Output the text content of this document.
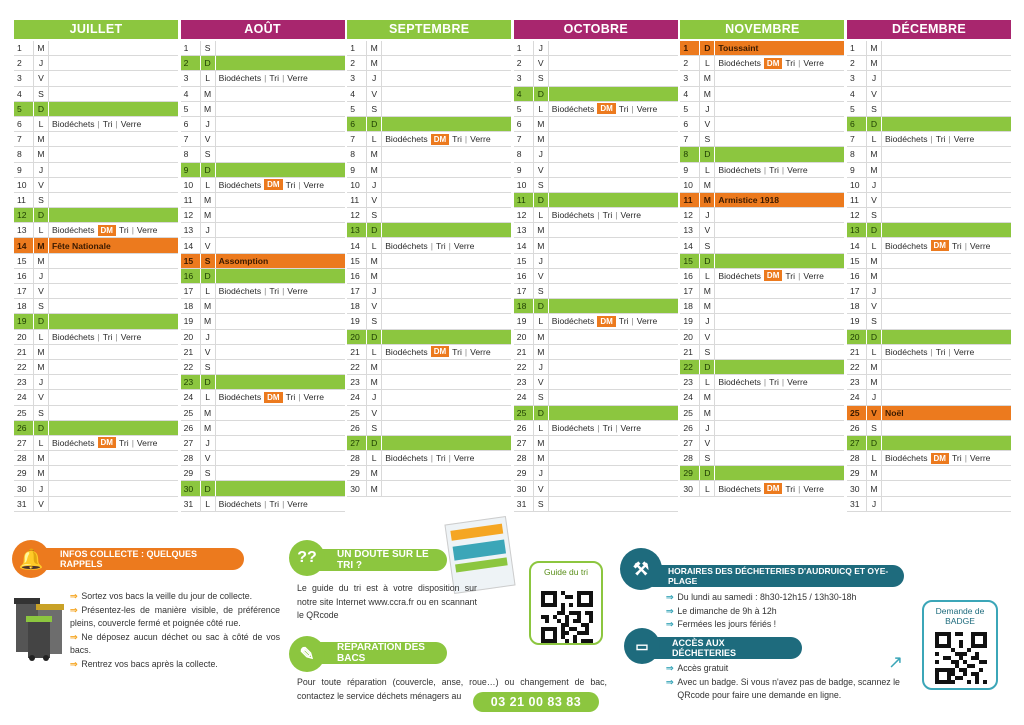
JUILLET
1	M
2	J
3	V
4	S
5	D
6	L	Biodéchets | Tri | Verre
7	M
8	M
9	J
10	V
11	S
12	D
13	L	Biodéchets DM Tri | Verre
14	M Fête Nationale
15	M
16	J
17	V
18	S
19	D
20	L	Biodéchets | Tri | Verre
21	M
22	M
23	J
24	V
25	S
26	D
27	L	Biodéchets DM Tri | Verre
28	M
29	M
30	J
31	V
AOÛT
1	S
2	D
3	L	Biodéchets | Tri | Verre
4	M
5	M
6	J
7	V
8	S
9	D
10	L	Biodéchets DM Tri | Verre
11	M
12	M
13	J
14	V
15	S Assomption
16	D
17	L	Biodéchets | Tri | Verre
18	M
19	M
20	J
21	V
22	S
23	D
24	L	Biodéchets DM Tri | Verre
25	M
26	M
27	J
28	V
29	S
30	D
31	L	Biodéchets | Tri | Verre
SEPTEMBRE
1	M
2	M
3	J
4	V
5	S
6	D
7	L	Biodéchets DM Tri | Verre
8	M
9	M
10	J
11	V
12	S
13	D
14	L	Biodéchets | Tri | Verre
15	M
16	M
17	J
18	V
19	S
20	D
21	L	Biodéchets DM Tri | Verre
22	M
23	M
24	J
25	V
26	S
27	D
28	L	Biodéchets | Tri | Verre
29	M
30	M
OCTOBRE
1	J
2	V
3	S
4	D
5	L	Biodéchets DM Tri | Verre
6	M
7	M
8	J
9	V
10	S
11	D
12	L	Biodéchets | Tri | Verre
13	M
14	M
15	J
16	V
17	S
18	D
19	L	Biodéchets DM Tri | Verre
20	M
21	M
22	J
23	V
24	S
25	D
26	L	Biodéchets | Tri | Verre
27	M
28	M
29	J
30	V
31	S
NOVEMBRE
1	D Toussaint
2	L	Biodéchets DM Tri | Verre
3	M
4	M
5	J
6	V
7	S
8	D
9	L	Biodéchets | Tri | Verre
10	M
11	M Armistice 1918
12	J
13	V
14	S
15	D
16	L	Biodéchets DM Tri | Verre
17	M
18	M
19	J
20	V
21	S
22	D
23	L	Biodéchets | Tri | Verre
24	M
25	M
26	J
27	V
28	S
29	D
30	L	Biodéchets DM Tri | Verre
DÉCEMBRE
1	M
2	M
3	J
4	V
5	S
6	D
7	L	Biodéchets | Tri | Verre
8	M
9	M
10	J
11	V
12	S
13	D
14	L	Biodéchets DM Tri | Verre
15	M
16	M
17	J
18	V
19	S
20	D
21	L	Biodéchets | Tri | Verre
22	M
23	M
24	J
25	V Noël
26	S
27	D
28	L	Biodéchets DM Tri | Verre
29	M
30	M
31	J
🔔	INFOS COLLECTE : QUELQUES RAPPELS
⇒ Sortez vos bacs la veille du jour de collecte.
⇒ Présentez-les de manière visible, de préférence pleins, couvercle fermé et poignée côté rue.
⇒ Ne déposez aucun déchet ou sac à côté de vos bacs.
⇒ Rentrez vos bacs après la collecte.
??	UN DOUTE SUR LE TRI ?
Le guide du tri est à votre disposition sur notre site Internet www.ccra.fr ou en scannant le QRcode
Guide du tri
✎	RÉPARATION DES BACS
Pour toute réparation (couvercle, anse, roue…) ou changement de bac, contactez le service déchets ménagers au	03 21 00 83 83
⚒	HORAIRES DES DÉCHETERIES D'AUDRUICQ ET OYE-PLAGE
⇒ Du lundi au samedi : 8h30-12h15 / 13h30-18h
⇒ Le dimanche de 9h à 12h
⇒ Fermées les jours fériés !
▭	ACCÈS AUX DÉCHETERIES
⇒ Accès gratuit
⇒ Avec un badge. Si vous n'avez pas de badge, scannez le QRcode pour faire une demande en ligne.
Demande de BADGE
↗
